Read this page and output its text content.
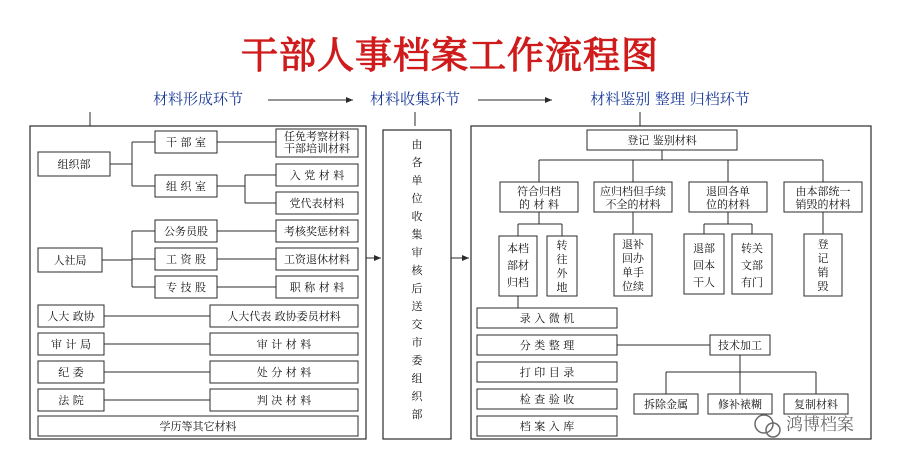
干部人事档案工作流程图
材料形成环节	材料收集环节	材料鉴别 整理 归档环节
组织部
干 部 室
组 织 室
任免考察材料
干部培训材料
入 党 材 料
党代表材料
人社局
公务员股
工 资 股
专 技 股
考核奖惩材料
工资退休材料
职 称 材 料
人大 政协	人大代表 政协委员材料
审 计 局	审 计 材 料
纪 委	处 分 材 料
法 院	判 决 材 料
学历等其它材料
由各单位收集审核后送交市委组织部
登记 鉴别材料
符合归档
的 材 料
应归档但手续
不全的材料
退回各单
位的材料
由本部统一
销毁的材料
本档
部材
归档
转
往
外
地
退补
回办
单手
位续
退部
回本
干人
转关
文部
有门
登
记
销
毁
录 入 微 机
分 类 整 理
打 印 目 录
检 查 验 收
档 案 入 库
技术加工
拆除金属	修补裱糊	复制材料
鸿博档案
